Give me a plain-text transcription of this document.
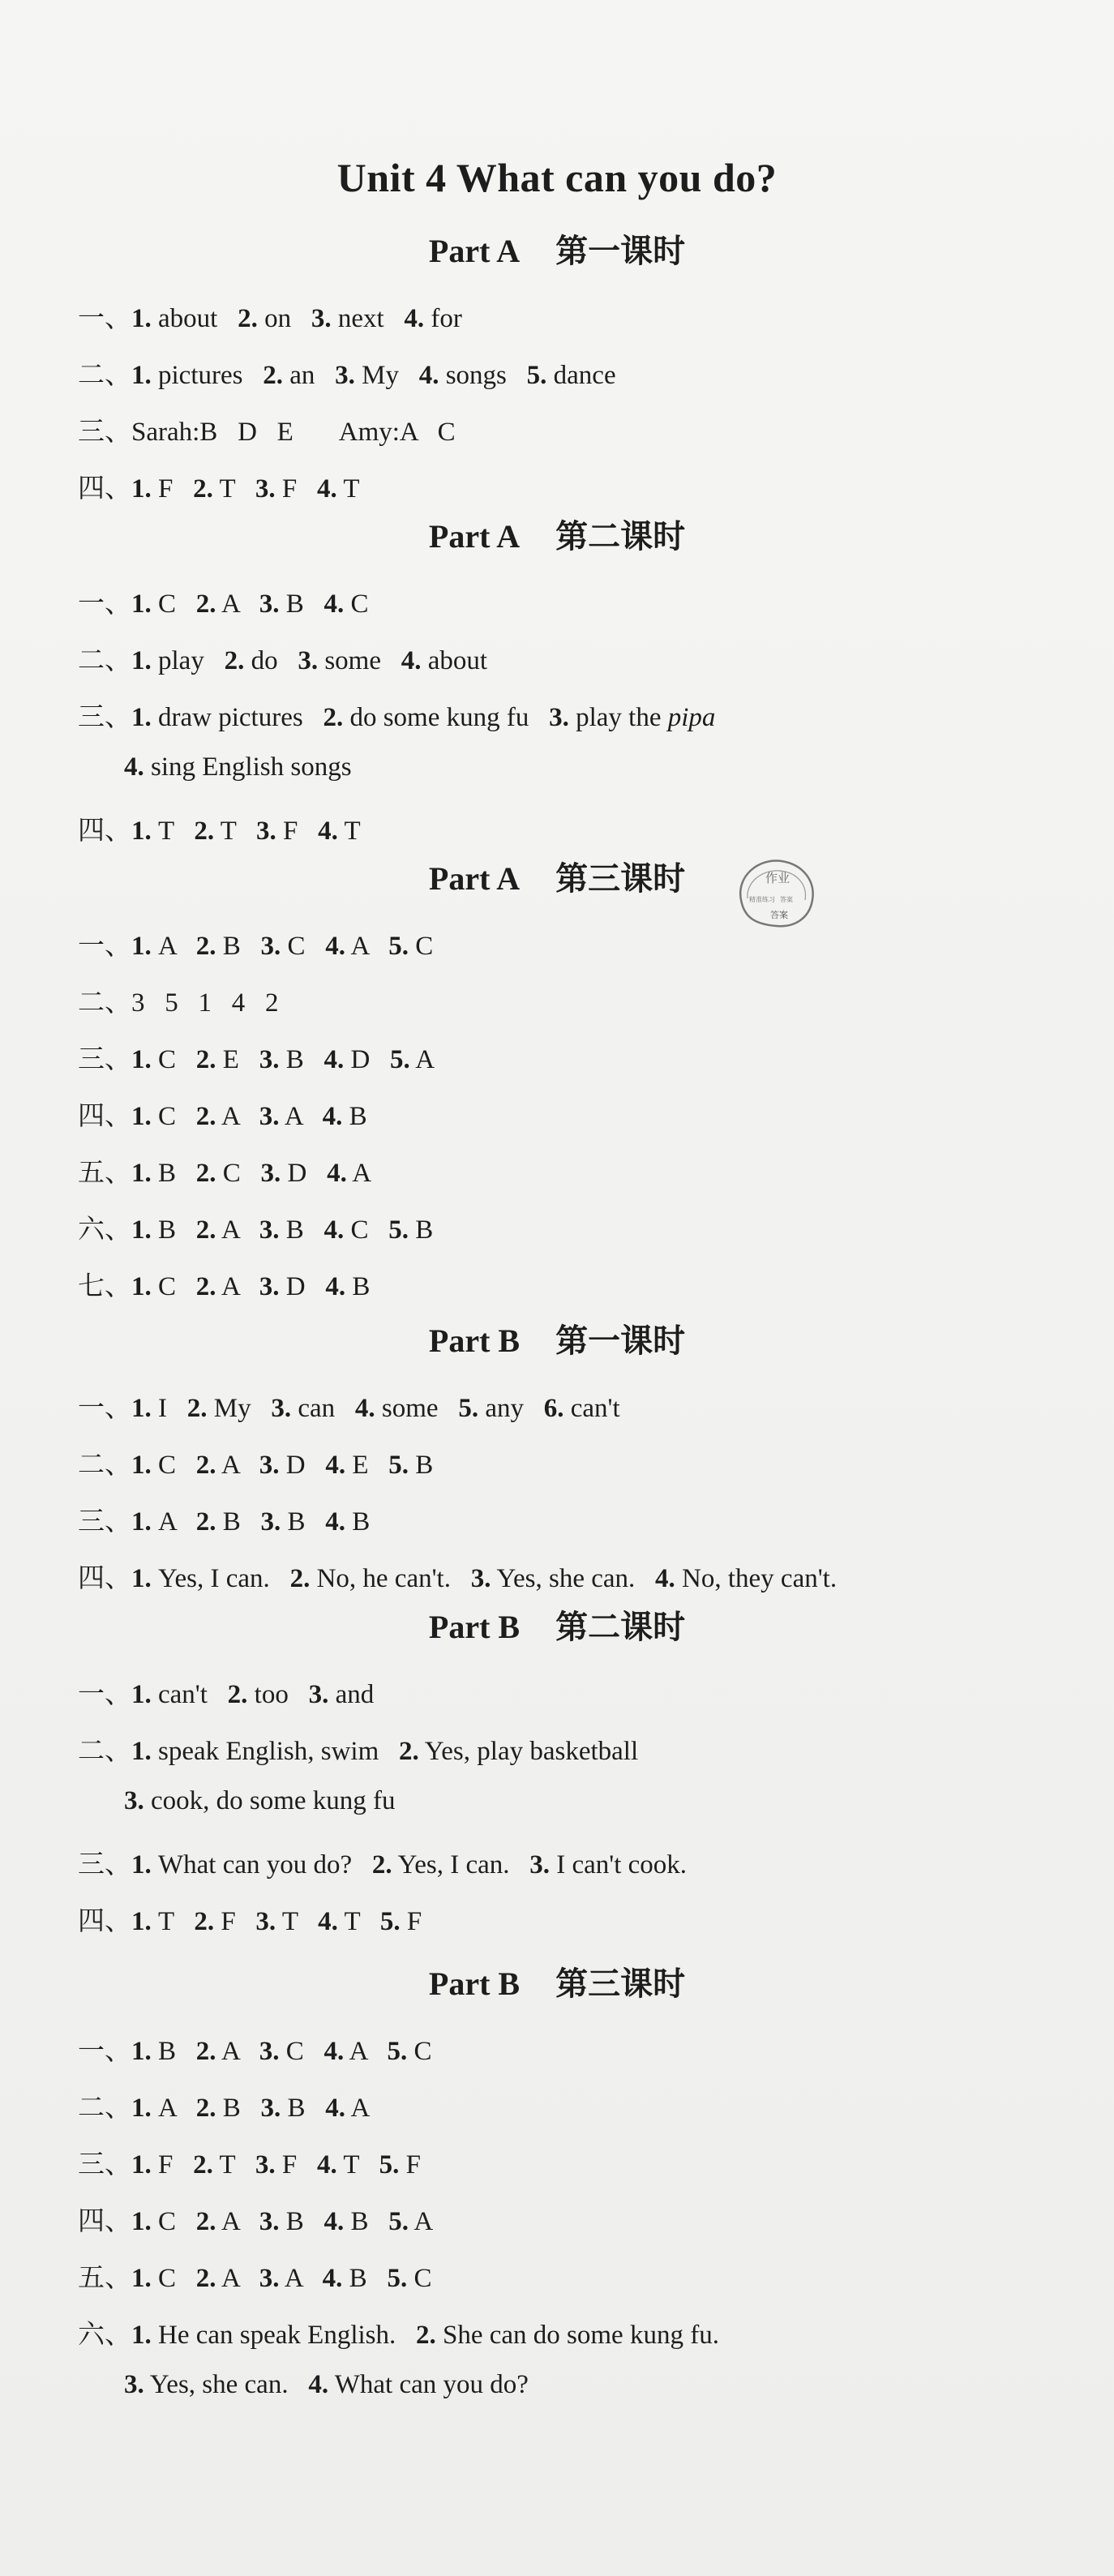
Unit 4 What can you do?
Part A 第一课时
一、1. about   2. on   3. next   4. for
二、1. pictures   2. an   3. My   4. songs   5. dance
三、Sarah:B   D   E       Amy:A   C
四、1. F   2. T   3. F   4. T
Part A 第二课时
一、1. C   2. A   3. B   4. C
二、1. play   2. do   3. some   4. about
三、1. draw pictures   2. do some kung fu   3. play the pipa
4. sing English songs
四、1. T   2. T   3. F   4. T
Part A 第三课时
一、1. A   2. B   3. C   4. A   5. C
二、3   5   1   4   2
三、1. C   2. E   3. B   4. D   5. A
四、1. C   2. A   3. A   4. B
五、1. B   2. C   3. D   4. A
六、1. B   2. A   3. B   4. C   5. B
七、1. C   2. A   3. D   4. B
Part B 第一课时
一、1. I   2. My   3. can   4. some   5. any   6. can't
二、1. C   2. A   3. D   4. E   5. B
三、1. A   2. B   3. B   4. B
四、1. Yes, I can.   2. No, he can't.   3. Yes, she can.   4. No, they can't.
Part B 第二课时
一、1. can't   2. too   3. and
二、1. speak English, swim   2. Yes, play basketball
3. cook, do some kung fu
三、1. What can you do?   2. Yes, I can.   3. I can't cook.
四、1. T   2. F   3. T   4. T   5. F
Part B 第三课时
一、1. B   2. A   3. C   4. A   5. C
二、1. A   2. B   3. B   4. A
三、1. F   2. T   3. F   4. T   5. F
四、1. C   2. A   3. B   4. B   5. A
五、1. C   2. A   3. A   4. B   5. C
六、1. He can speak English.   2. She can do some kung fu.
3. Yes, she can.   4. What can you do?
作业
精准练习 答案
答案
